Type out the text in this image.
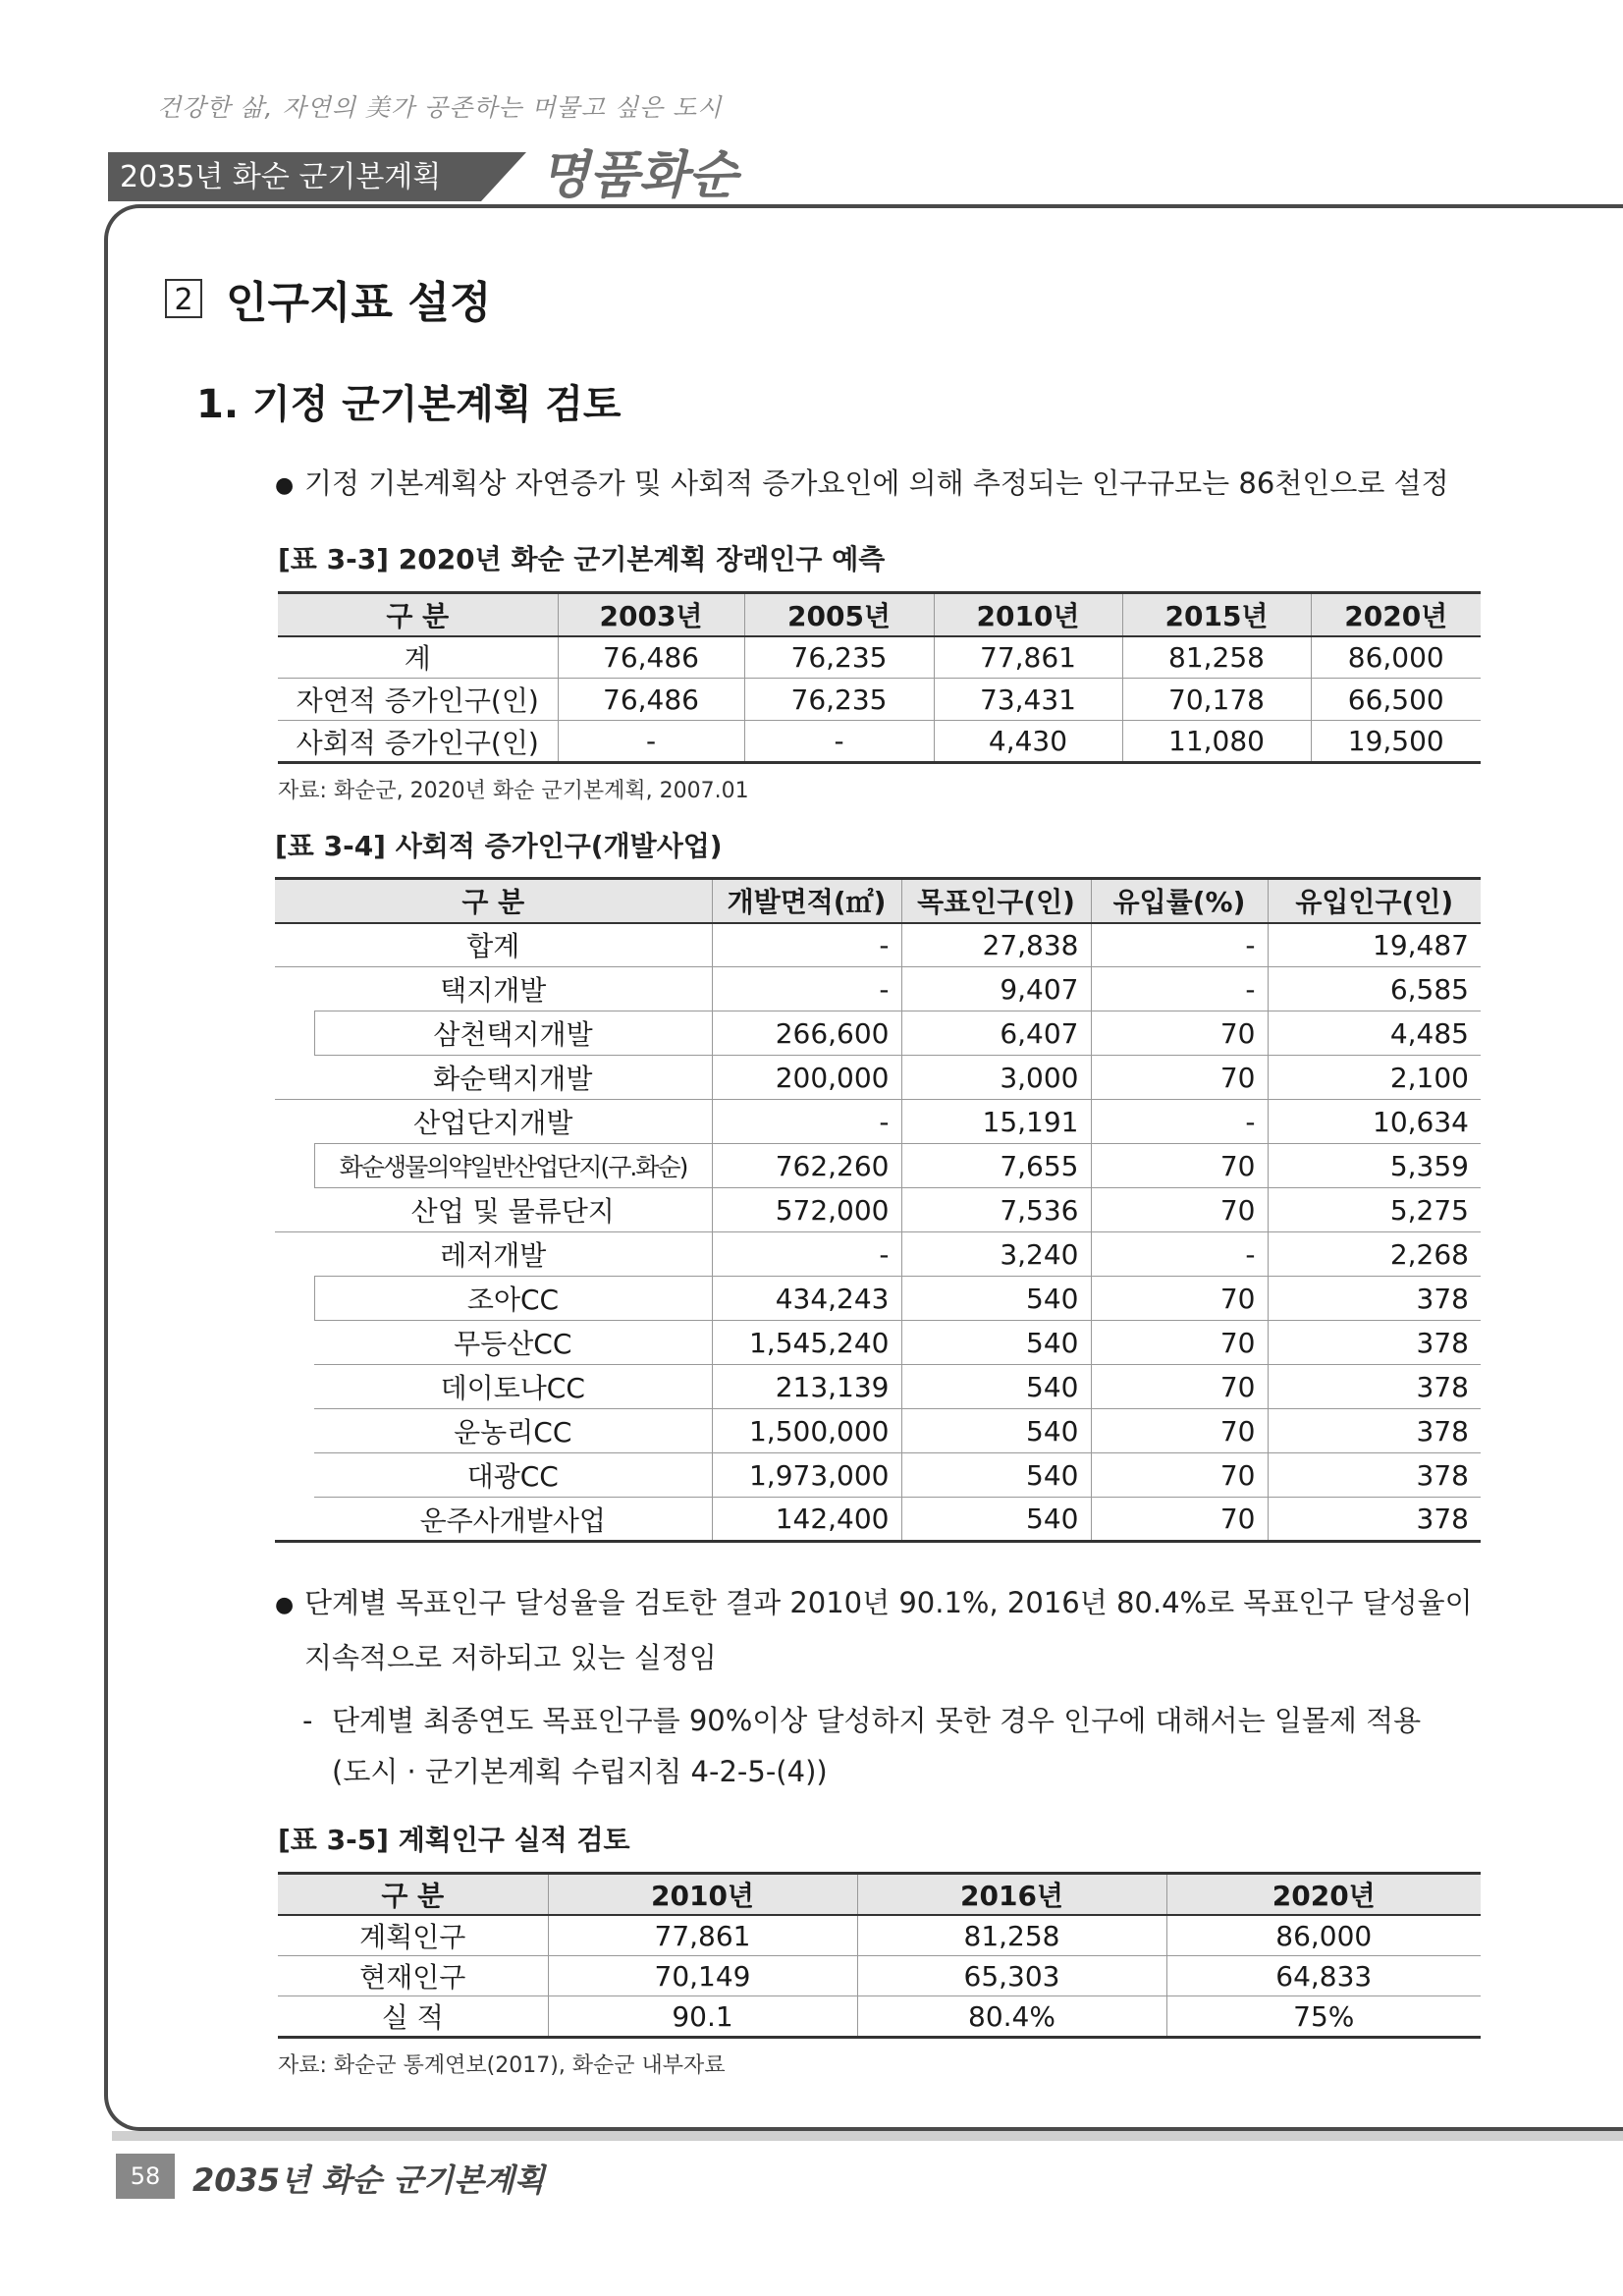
건강한 삶, 자연의 美가 공존하는 머물고 싶은 도시
2035년 화순 군기본계획	명품화순
2 인구지표 설정
1. 기정 군기본계획 검토
● 기정 기본계획상 자연증가 및 사회적 증가요인에 의해 추정되는 인구규모는 86천인으로 설정
[표 3-3] 2020년 화순 군기본계획 장래인구 예측
구 분	2003년	2005년	2010년	2015년	2020년
계	76,486	76,235	77,861	81,258	86,000
자연적 증가인구(인)	76,486	76,235	73,431	70,178	66,500
사회적 증가인구(인)	-	-	4,430	11,080	19,500
자료: 화순군, 2020년 화순 군기본계획, 2007.01
[표 3-4] 사회적 증가인구(개발사업)
구 분		개발면적(㎡)	목표인구(인)	유입률(%)	유입인구(인)
합계		-	27,838	-	19,487
택지개발		-	9,407	-	6,585
	삼천택지개발	266,600	6,407	70	4,485
	화순택지개발	200,000	3,000	70	2,100
산업단지개발		-	15,191	-	10,634
	화순생물의약일반산업단지(구.화순)	762,260	7,655	70	5,359
	산업 및 물류단지	572,000	7,536	70	5,275
레저개발		-	3,240	-	2,268
	조아CC	434,243	540	70	378
	무등산CC	1,545,240	540	70	378
	데이토나CC	213,139	540	70	378
	운농리CC	1,500,000	540	70	378
	대광CC	1,973,000	540	70	378
	운주사개발사업	142,400	540	70	378
● 단계별 목표인구 달성율을 검토한 결과 2010년 90.1%, 2016년 80.4%로 목표인구 달성율이
지속적으로 저하되고 있는 실정임
- 단계별 최종연도 목표인구를 90%이상 달성하지 못한 경우 인구에 대해서는 일몰제 적용
(도시 · 군기본계획 수립지침 4-2-5-(4))
[표 3-5] 계획인구 실적 검토
구 분	2010년	2016년	2020년
계획인구	77,861	81,258	86,000
현재인구	70,149	65,303	64,833
실 적	90.1	80.4%	75%
자료: 화순군 통계연보(2017), 화순군 내부자료
58	2035년 화순 군기본계획
